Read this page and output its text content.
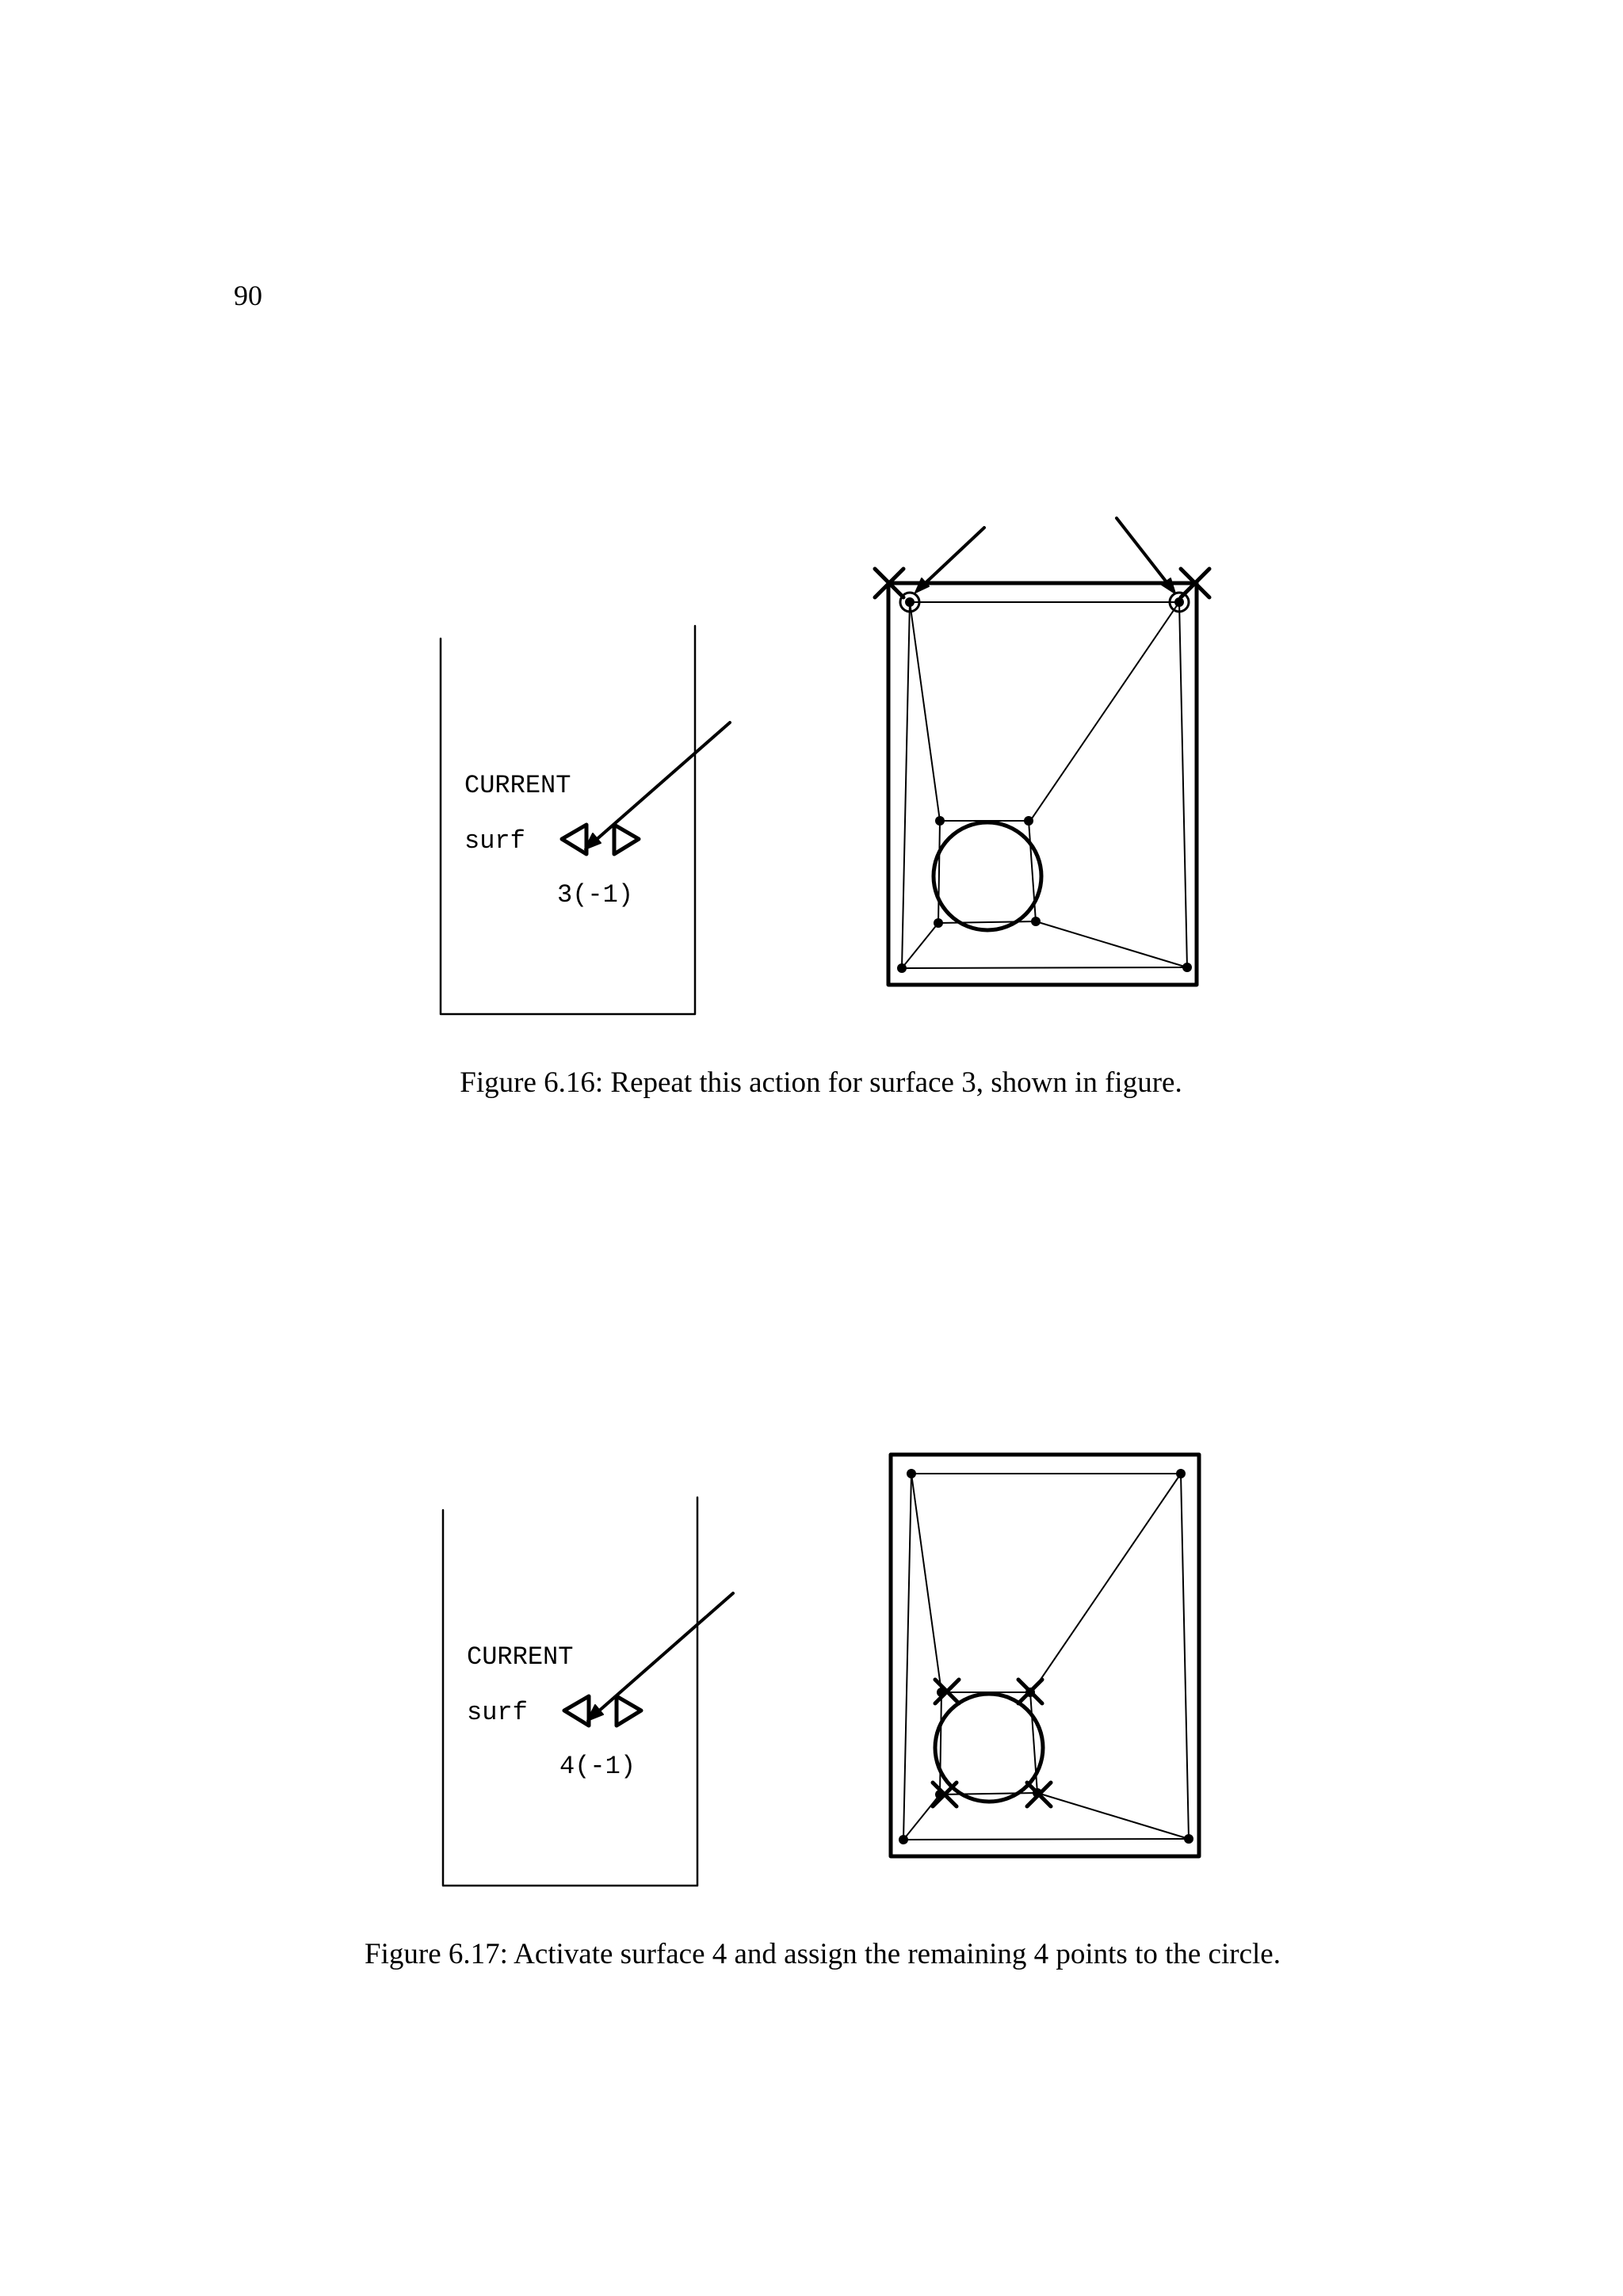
90
CURRENT
surf
3(-1)
Figure 6.16: Repeat this action for surface 3, shown in figure.
CURRENT
surf
4(-1)
Figure 6.17: Activate surface 4 and assign the remaining 4 points to the circle.
